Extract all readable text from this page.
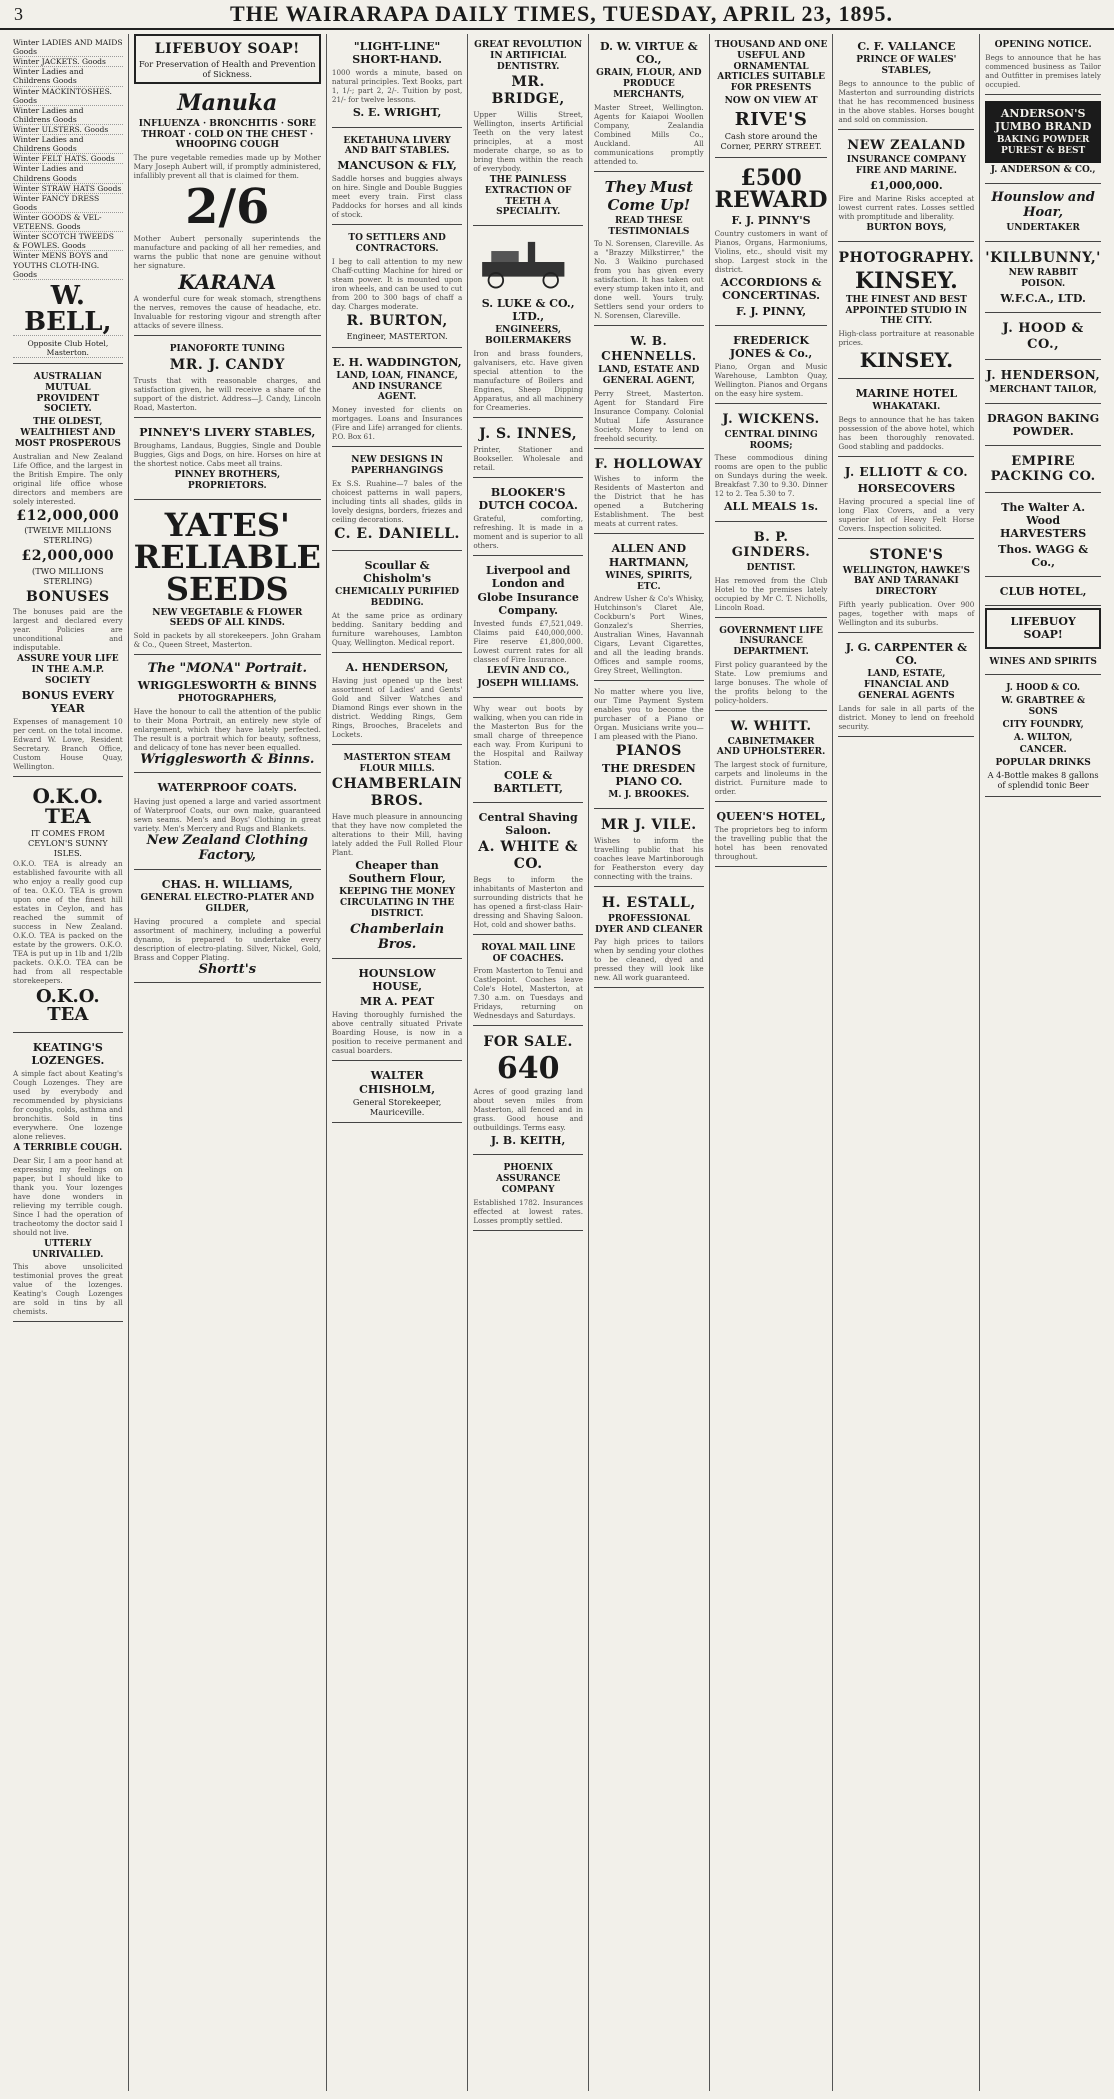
3	THE WAIRARAPA DAILY TIMES, TUESDAY, APRIL 23, 1895.
Winter LADIES AND MAIDS Goods
Winter JACKETS. Goods
Winter Ladies and Childrens Goods
Winter MACKINTOSHES. Goods
Winter Ladies and Childrens Goods
Winter ULSTERS. Goods
Winter Ladies and Childrens Goods
Winter FELT HATS. Goods
Winter Ladies and Childrens Goods
Winter STRAW HATS Goods
Winter FANCY DRESS Goods
Winter GOODS & VEL-VETEENS. Goods
Winter SCOTCH TWEEDS & FOWLES. Goods
Winter MENS BOYS and YOUTHS CLOTH-ING. Goods
W. BELL,
Opposite Club Hotel, Masterton.
AUSTRALIAN MUTUAL PROVIDENT SOCIETY.
THE OLDEST, WEALTHIEST AND MOST PROSPEROUS
Australian and New Zealand Life Office, and the largest in the British Empire. The only original life office whose directors and members are solely interested.
£12,000,000
(TWELVE MILLIONS STERLING)
£2,000,000
(TWO MILLIONS STERLING)
BONUSES
The bonuses paid are the largest and declared every year. Policies are unconditional and indisputable.
ASSURE YOUR LIFE IN THE A.M.P. SOCIETY
BONUS EVERY YEAR
Expenses of management 10 per cent. on the total income. Edward W. Lowe, Resident Secretary. Branch Office, Custom House Quay, Wellington.
O.K.O. TEA
IT COMES FROM CEYLON'S SUNNY ISLES.
O.K.O. TEA is already an established favourite with all who enjoy a really good cup of tea. O.K.O. TEA is grown upon one of the finest hill estates in Ceylon, and has reached the summit of success in New Zealand. O.K.O. TEA is packed on the estate by the growers. O.K.O. TEA is put up in 1lb and 1/2lb packets. O.K.O. TEA can be had from all respectable storekeepers.
O.K.O. TEA
KEATING'S LOZENGES.
A simple fact about Keating's Cough Lozenges. They are used by everybody and recommended by physicians for coughs, colds, asthma and bronchitis. Sold in tins everywhere. One lozenge alone relieves.
A TERRIBLE COUGH.
Dear Sir, I am a poor hand at expressing my feelings on paper, but I should like to thank you. Your lozenges have done wonders in relieving my terrible cough. Since I had the operation of tracheotomy the doctor said I should not live.
UTTERLY UNRIVALLED.
This above unsolicited testimonial proves the great value of the lozenges. Keating's Cough Lozenges are sold in tins by all chemists.
LIFEBUOY SOAP!
For Preservation of Health and Prevention of Sickness.
Manuka
INFLUENZA · BRONCHITIS · SORE THROAT · COLD ON THE CHEST · WHOOPING COUGH
The pure vegetable remedies made up by Mother Mary Joseph Aubert will, if promptly administered, infallibly prevent all that is claimed for them.
2/6
Mother Aubert personally superintends the manufacture and packing of all her remedies, and warns the public that none are genuine without her signature.
KARANA
A wonderful cure for weak stomach, strengthens the nerves, removes the cause of headache, etc. Invaluable for restoring vigour and strength after attacks of severe illness.
PIANOFORTE TUNING
MR. J. CANDY
Trusts that with reasonable charges, and satisfaction given, he will receive a share of the support of the district. Address—J. Candy, Lincoln Road, Masterton.
PINNEY'S LIVERY STABLES,
Broughams, Landaus, Buggies, Single and Double Buggies, Gigs and Dogs, on hire. Horses on hire at the shortest notice. Cabs meet all trains.
PINNEY BROTHERS, PROPRIETORS.
YATES' RELIABLE SEEDS
NEW VEGETABLE & FLOWER SEEDS OF ALL KINDS.
Sold in packets by all storekeepers. John Graham & Co., Queen Street, Masterton.
The "MONA" Portrait.
WRIGGLESWORTH & BINNS
PHOTOGRAPHERS,
Have the honour to call the attention of the public to their Mona Portrait, an entirely new style of enlargement, which they have lately perfected. The result is a portrait which for beauty, softness, and delicacy of tone has never been equalled.
Wrigglesworth & Binns.
WATERPROOF COATS.
Having just opened a large and varied assortment of Waterproof Coats, our own make, guaranteed sewn seams. Men's and Boys' Clothing in great variety. Men's Mercery and Rugs and Blankets.
New Zealand Clothing Factory,
CHAS. H. WILLIAMS,
GENERAL ELECTRO-PLATER AND GILDER,
Having procured a complete and special assortment of machinery, including a powerful dynamo, is prepared to undertake every description of electro-plating. Silver, Nickel, Gold, Brass and Copper Plating.
Shortt's
"LIGHT-LINE" SHORT-HAND.
1000 words a minute, based on natural principles. Text Books, part 1, 1/-; part 2, 2/-. Tuition by post, 21/- for twelve lessons.
S. E. WRIGHT,
EKETAHUNA LIVERY AND BAIT STABLES.
MANCUSON & FLY,
Saddle horses and buggies always on hire. Single and Double Buggies meet every train. First class Paddocks for horses and all kinds of stock.
TO SETTLERS AND CONTRACTORS.
I beg to call attention to my new Chaff-cutting Machine for hired or steam power. It is mounted upon iron wheels, and can be used to cut from 200 to 300 bags of chaff a day. Charges moderate.
R. BURTON,
Engineer, MASTERTON.
E. H. WADDINGTON,
LAND, LOAN, FINANCE, AND INSURANCE AGENT.
Money invested for clients on mortgages. Loans and Insurances (Fire and Life) arranged for clients. P.O. Box 61.
NEW DESIGNS IN PAPERHANGINGS
Ex S.S. Ruahine—7 bales of the choicest patterns in wall papers, including tints all shades, gilds in lovely designs, borders, friezes and ceiling decorations.
C. E. DANIELL.
Scoullar & Chisholm's
CHEMICALLY PURIFIED BEDDING.
At the same price as ordinary bedding. Sanitary bedding and furniture warehouses, Lambton Quay, Wellington. Medical report.
A. HENDERSON,
Having just opened up the best assortment of Ladies' and Gents' Gold and Silver Watches and Diamond Rings ever shown in the district. Wedding Rings, Gem Rings, Brooches, Bracelets and Lockets.
MASTERTON STEAM FLOUR MILLS.
CHAMBERLAIN BROS.
Have much pleasure in announcing that they have now completed the alterations to their Mill, having lately added the Full Rolled Flour Plant.
Cheaper than Southern Flour,
KEEPING THE MONEY CIRCULATING IN THE DISTRICT.
Chamberlain Bros.
HOUNSLOW HOUSE,
MR A. PEAT
Having thoroughly furnished the above centrally situated Private Boarding House, is now in a position to receive permanent and casual boarders.
WALTER CHISHOLM,
General Storekeeper, Mauriceville.
GREAT REVOLUTION IN ARTIFICIAL DENTISTRY.
MR. BRIDGE,
Upper Willis Street, Wellington, inserts Artificial Teeth on the very latest principles, at a most moderate charge, so as to bring them within the reach of everybody.
THE PAINLESS EXTRACTION OF TEETH A SPECIALITY.
S. LUKE & CO., LTD.,
ENGINEERS, BOILERMAKERS
Iron and brass founders, galvanisers, etc. Have given special attention to the manufacture of Boilers and Engines, Sheep Dipping Apparatus, and all machinery for Creameries.
J. S. INNES,
Printer, Stationer and Bookseller. Wholesale and retail.
BLOOKER'S DUTCH COCOA.
Grateful, comforting, refreshing. It is made in a moment and is superior to all others.
Liverpool and London and Globe Insurance Company.
Invested funds £7,521,049. Claims paid £40,000,000. Fire reserve £1,800,000. Lowest current rates for all classes of Fire Insurance.
LEVIN AND CO.,
JOSEPH WILLIAMS.
Why wear out boots by walking, when you can ride in the Masterton Bus for the small charge of threepence each way. From Kuripuni to the Hospital and Railway Station.
COLE & BARTLETT,
Central Shaving Saloon.
A. WHITE & CO.
Begs to inform the inhabitants of Masterton and surrounding districts that he has opened a first-class Hair-dressing and Shaving Saloon. Hot, cold and shower baths.
ROYAL MAIL LINE OF COACHES.
From Masterton to Tenui and Castlepoint. Coaches leave Cole's Hotel, Masterton, at 7.30 a.m. on Tuesdays and Fridays, returning on Wednesdays and Saturdays.
FOR SALE.
640
Acres of good grazing land about seven miles from Masterton, all fenced and in grass. Good house and outbuildings. Terms easy.
J. B. KEITH,
PHOENIX ASSURANCE COMPANY
Established 1782. Insurances effected at lowest rates. Losses promptly settled.
D. W. VIRTUE & CO.,
GRAIN, FLOUR, AND PRODUCE MERCHANTS,
Master Street, Wellington. Agents for Kaiapoi Woollen Company, Zealandia Combined Mills Co., Auckland. All communications promptly attended to.
They Must Come Up!
READ THESE TESTIMONIALS
To N. Sorensen, Clareville. As a "Brazzy Milkstirrer," the No. 3 Waikino purchased from you has given every satisfaction. It has taken out every stump taken into it, and done well. Yours truly. Settlers send your orders to N. Sorensen, Clareville.
W. B. CHENNELLS.
LAND, ESTATE AND GENERAL AGENT,
Perry Street, Masterton. Agent for Standard Fire Insurance Company. Colonial Mutual Life Assurance Society. Money to lend on freehold security.
F. HOLLOWAY
Wishes to inform the Residents of Masterton and the District that he has opened a Butchering Establishment. The best meats at current rates.
ALLEN AND HARTMANN,
WINES, SPIRITS, ETC.
Andrew Usher & Co's Whisky, Hutchinson's Claret Ale, Cockburn's Port Wines, Gonzalez's Sherries, Australian Wines, Havannah Cigars, Levant Cigarettes, and all the leading brands. Offices and sample rooms, Grey Street, Wellington.
No matter where you live, our Time Payment System enables you to become the purchaser of a Piano or Organ. Musicians write you—I am pleased with the Piano.
PIANOS
THE DRESDEN PIANO CO.
M. J. BROOKES.
MR J. VILE.
Wishes to inform the travelling public that his coaches leave Martinborough for Featherston every day connecting with the trains.
H. ESTALL,
PROFESSIONAL DYER AND CLEANER
Pay high prices to tailors when by sending your clothes to be cleaned, dyed and pressed they will look like new. All work guaranteed.
THOUSAND AND ONE USEFUL AND ORNAMENTAL ARTICLES SUITABLE FOR PRESENTS
NOW ON VIEW AT
RIVE'S
Cash store around the Corner, PERRY STREET.
£500 REWARD
F. J. PINNY'S
Country customers in want of Pianos, Organs, Harmoniums, Violins, etc., should visit my shop. Largest stock in the district.
ACCORDIONS & CONCERTINAS.
F. J. PINNY,
FREDERICK JONES & Co.,
Piano, Organ and Music Warehouse, Lambton Quay, Wellington. Pianos and Organs on the easy hire system.
J. WICKENS.
CENTRAL DINING ROOMS;
These commodious dining rooms are open to the public on Sundays during the week. Breakfast 7.30 to 9.30. Dinner 12 to 2. Tea 5.30 to 7.
ALL MEALS 1s.
B. P. GINDERS.
DENTIST.
Has removed from the Club Hotel to the premises lately occupied by Mr C. T. Nicholls, Lincoln Road.
GOVERNMENT LIFE INSURANCE DEPARTMENT.
First policy guaranteed by the State. Low premiums and large bonuses. The whole of the profits belong to the policy-holders.
W. WHITT.
CABINETMAKER AND UPHOLSTERER.
The largest stock of furniture, carpets and linoleums in the district. Furniture made to order.
QUEEN'S HOTEL,
The proprietors beg to inform the travelling public that the hotel has been renovated throughout.
C. F. VALLANCE
PRINCE OF WALES' STABLES,
Begs to announce to the public of Masterton and surrounding districts that he has recommenced business in the above stables. Horses bought and sold on commission.
NEW ZEALAND
INSURANCE COMPANY FIRE AND MARINE.
£1,000,000.
Fire and Marine Risks accepted at lowest current rates. Losses settled with promptitude and liberality.
BURTON BOYS,
PHOTOGRAPHY.
KINSEY.
THE FINEST AND BEST APPOINTED STUDIO IN THE CITY.
High-class portraiture at reasonable prices.
KINSEY.
MARINE HOTEL
WHAKATAKI.
Begs to announce that he has taken possession of the above hotel, which has been thoroughly renovated. Good stabling and paddocks.
J. ELLIOTT & CO.
HORSECOVERS
Having procured a special line of long Flax Covers, and a very superior lot of Heavy Felt Horse Covers. Inspection solicited.
STONE'S
WELLINGTON, HAWKE'S BAY AND TARANAKI DIRECTORY
Fifth yearly publication. Over 900 pages, together with maps of Wellington and its suburbs.
J. G. CARPENTER & CO.
LAND, ESTATE, FINANCIAL AND GENERAL AGENTS
Lands for sale in all parts of the district. Money to lend on freehold security.
OPENING NOTICE.
Begs to announce that he has commenced business as Tailor and Outfitter in premises lately occupied.
ANDERSON'S JUMBO BRAND
BAKING POWDER PUREST & BEST
J. ANDERSON & CO.,
Hounslow and Hoar,
UNDERTAKER
'KILLBUNNY,'
NEW RABBIT POISON.
W.F.C.A., LTD.
J. HOOD & CO.,
J. HENDERSON,
MERCHANT TAILOR,
DRAGON BAKING POWDER.
EMPIRE PACKING CO.
The Walter A. Wood HARVESTERS
Thos. WAGG & Co.,
CLUB HOTEL,
LIFEBUOY SOAP!
WINES AND SPIRITS
J. HOOD & CO.
W. GRABTREE & SONS
CITY FOUNDRY,
A. WILTON,
CANCER.
POPULAR DRINKS
A 4-Bottle makes 8 gallons of splendid tonic Beer
